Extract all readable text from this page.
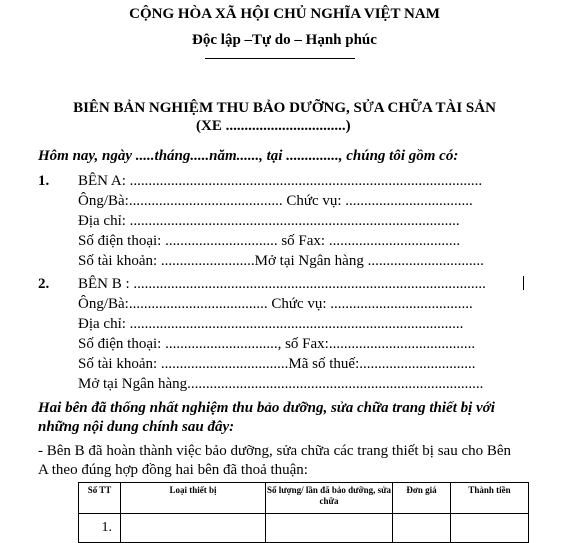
CỘNG HÒA XÃ HỘI CHỦ NGHĨA VIỆT NAM
Độc lập –Tự do – Hạnh phúc
BIÊN BẢN NGHIỆM THU BẢO DƯỠNG, SỬA CHỮA TÀI SẢN
(XE ................................)
Hôm nay, ngày .....tháng.....năm......, tại .............., chúng tôi gồm có:
1. BÊN A: ..............................................................................................
Ông/Bà:......................................... Chức vụ: ..................................
Địa chỉ: ........................................................................................
Số điện thoại: .............................. số Fax: ...................................
Số tài khoản: .........................Mở tại Ngân hàng ...............................
2. BÊN B : ..............................................................................................
Ông/Bà:..................................... Chức vụ: ......................................
Địa chỉ: .........................................................................................
Số điện thoại: .............................., số Fax:.......................................
Số tài khoản: ..................................Mã số thuế:...............................
Mở tại Ngân hàng...............................................................................
Hai bên đã thống nhất nghiệm thu bảo dưỡng, sửa chữa trang thiết bị với
những nội dung chính sau đây:
- Bên B đã hoàn thành việc bảo dưỡng, sửa chữa các trang thiết bị sau cho Bên
A theo đúng hợp đồng hai bên đã thoả thuận:
Số TT	Loại thiết bị	Số lượng/ lần đã bảo dưỡng, sửa chữa	Đơn giá	Thành tiền
1.				
